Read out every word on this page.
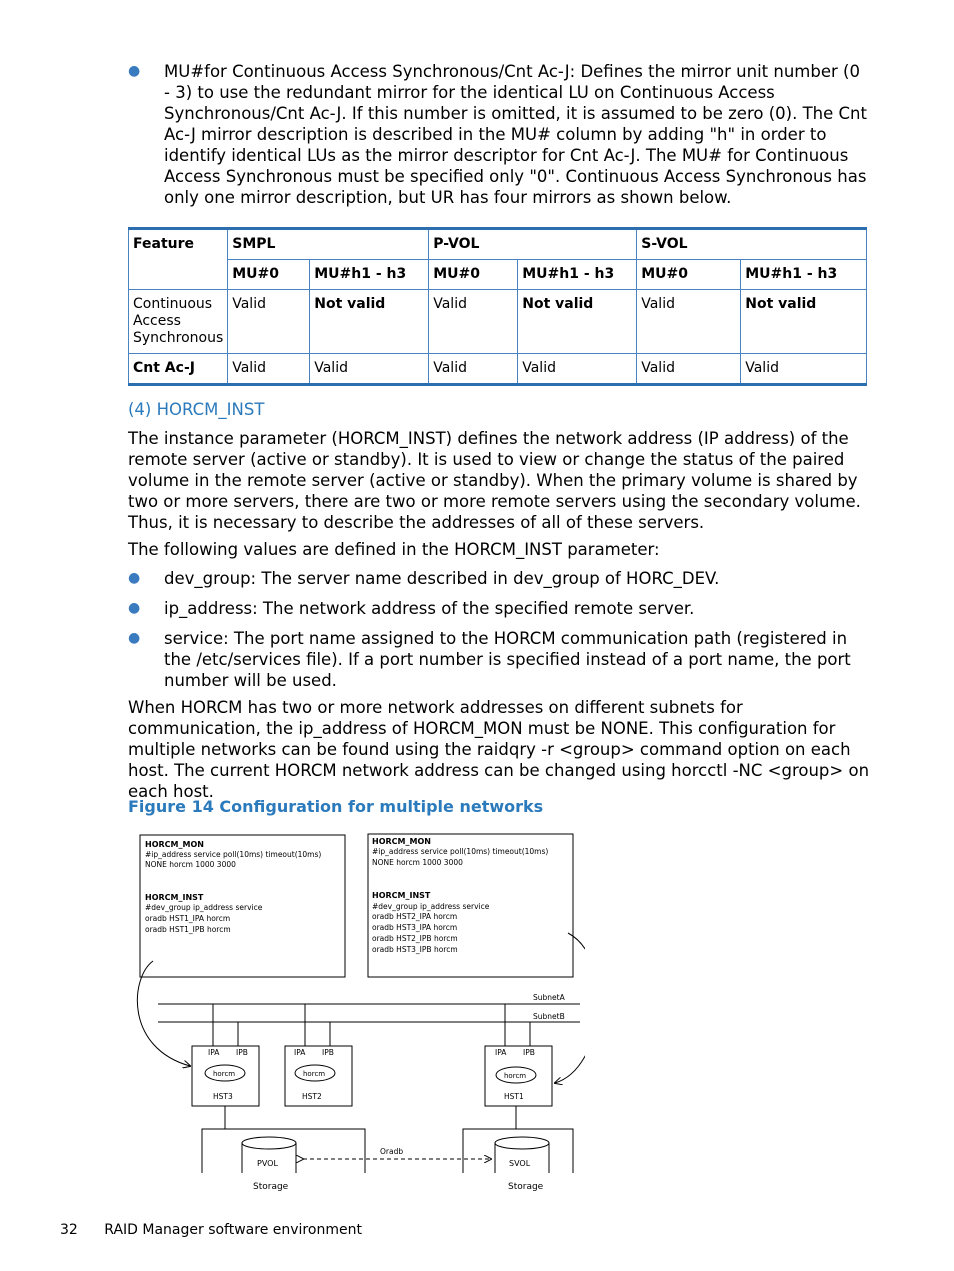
● MU#for Continuous Access Synchronous/Cnt Ac-J: Defines the mirror unit number (0 - 3) to use the redundant mirror for the identical LU on Continuous Access Synchronous/Cnt Ac-J. If this number is omitted, it is assumed to be zero (0). The Cnt Ac-J mirror description is described in the MU# column by adding "h" in order to identify identical LUs as the mirror descriptor for Cnt Ac-J. The MU# for Continuous Access Synchronous must be specified only "0". Continuous Access Synchronous has only one mirror description, but UR has four mirrors as shown below.
Feature	SMPL		P-VOL		S-VOL	
	MU#0	MU#h1 - h3	MU#0	MU#h1 - h3	MU#0	MU#h1 - h3
Continuous Access Synchronous	Valid	Not valid	Valid	Not valid	Valid	Not valid
Cnt Ac-J	Valid	Valid	Valid	Valid	Valid	Valid
(4) HORCM_INST

The instance parameter (HORCM_INST) defines the network address (IP address) of the remote server (active or standby). It is used to view or change the status of the paired volume in the remote server (active or standby). When the primary volume is shared by two or more servers, there are two or more remote servers using the secondary volume. Thus, it is necessary to describe the addresses of all of these servers.

The following values are defined in the HORCM_INST parameter:

● dev_group: The server name described in dev_group of HORC_DEV.
● ip_address: The network address of the specified remote server.
● service: The port name assigned to the HORCM communication path (registered in the /etc/services file). If a port number is specified instead of a port name, the port number will be used.

When HORCM has two or more network addresses on different subnets for communication, the ip_address of HORCM_MON must be NONE. This configuration for multiple networks can be found using the raidqry -r <group> command option on each host. The current HORCM network address can be changed using horcctl -NC <group> on each host.

Figure 14 Configuration for multiple networks
HORCM_MON
#ip_address service poll(10ms) timeout(10ms)
NONE horcm 1000 3000
HORCM_INST
#dev_group ip_address service
oradb HST1_IPA horcm
oradb HST1_IPB horcm
HORCM_MON
#ip_address service poll(10ms) timeout(10ms)
NONE horcm 1000 3000
HORCM_INST
#dev_group ip_address service
oradb HST2_IPA horcm
oradb HST3_IPA horcm
oradb HST2_IPB horcm
oradb HST3_IPB horcm
SubnetA
SubnetB
IPA IPB
horcm
HST3
IPA IPB
horcm
HST2
IPA IPB
horcm
HST1
PVOL	SVOL
Oradb
Storage	Storage
32 RAID Manager software environment
